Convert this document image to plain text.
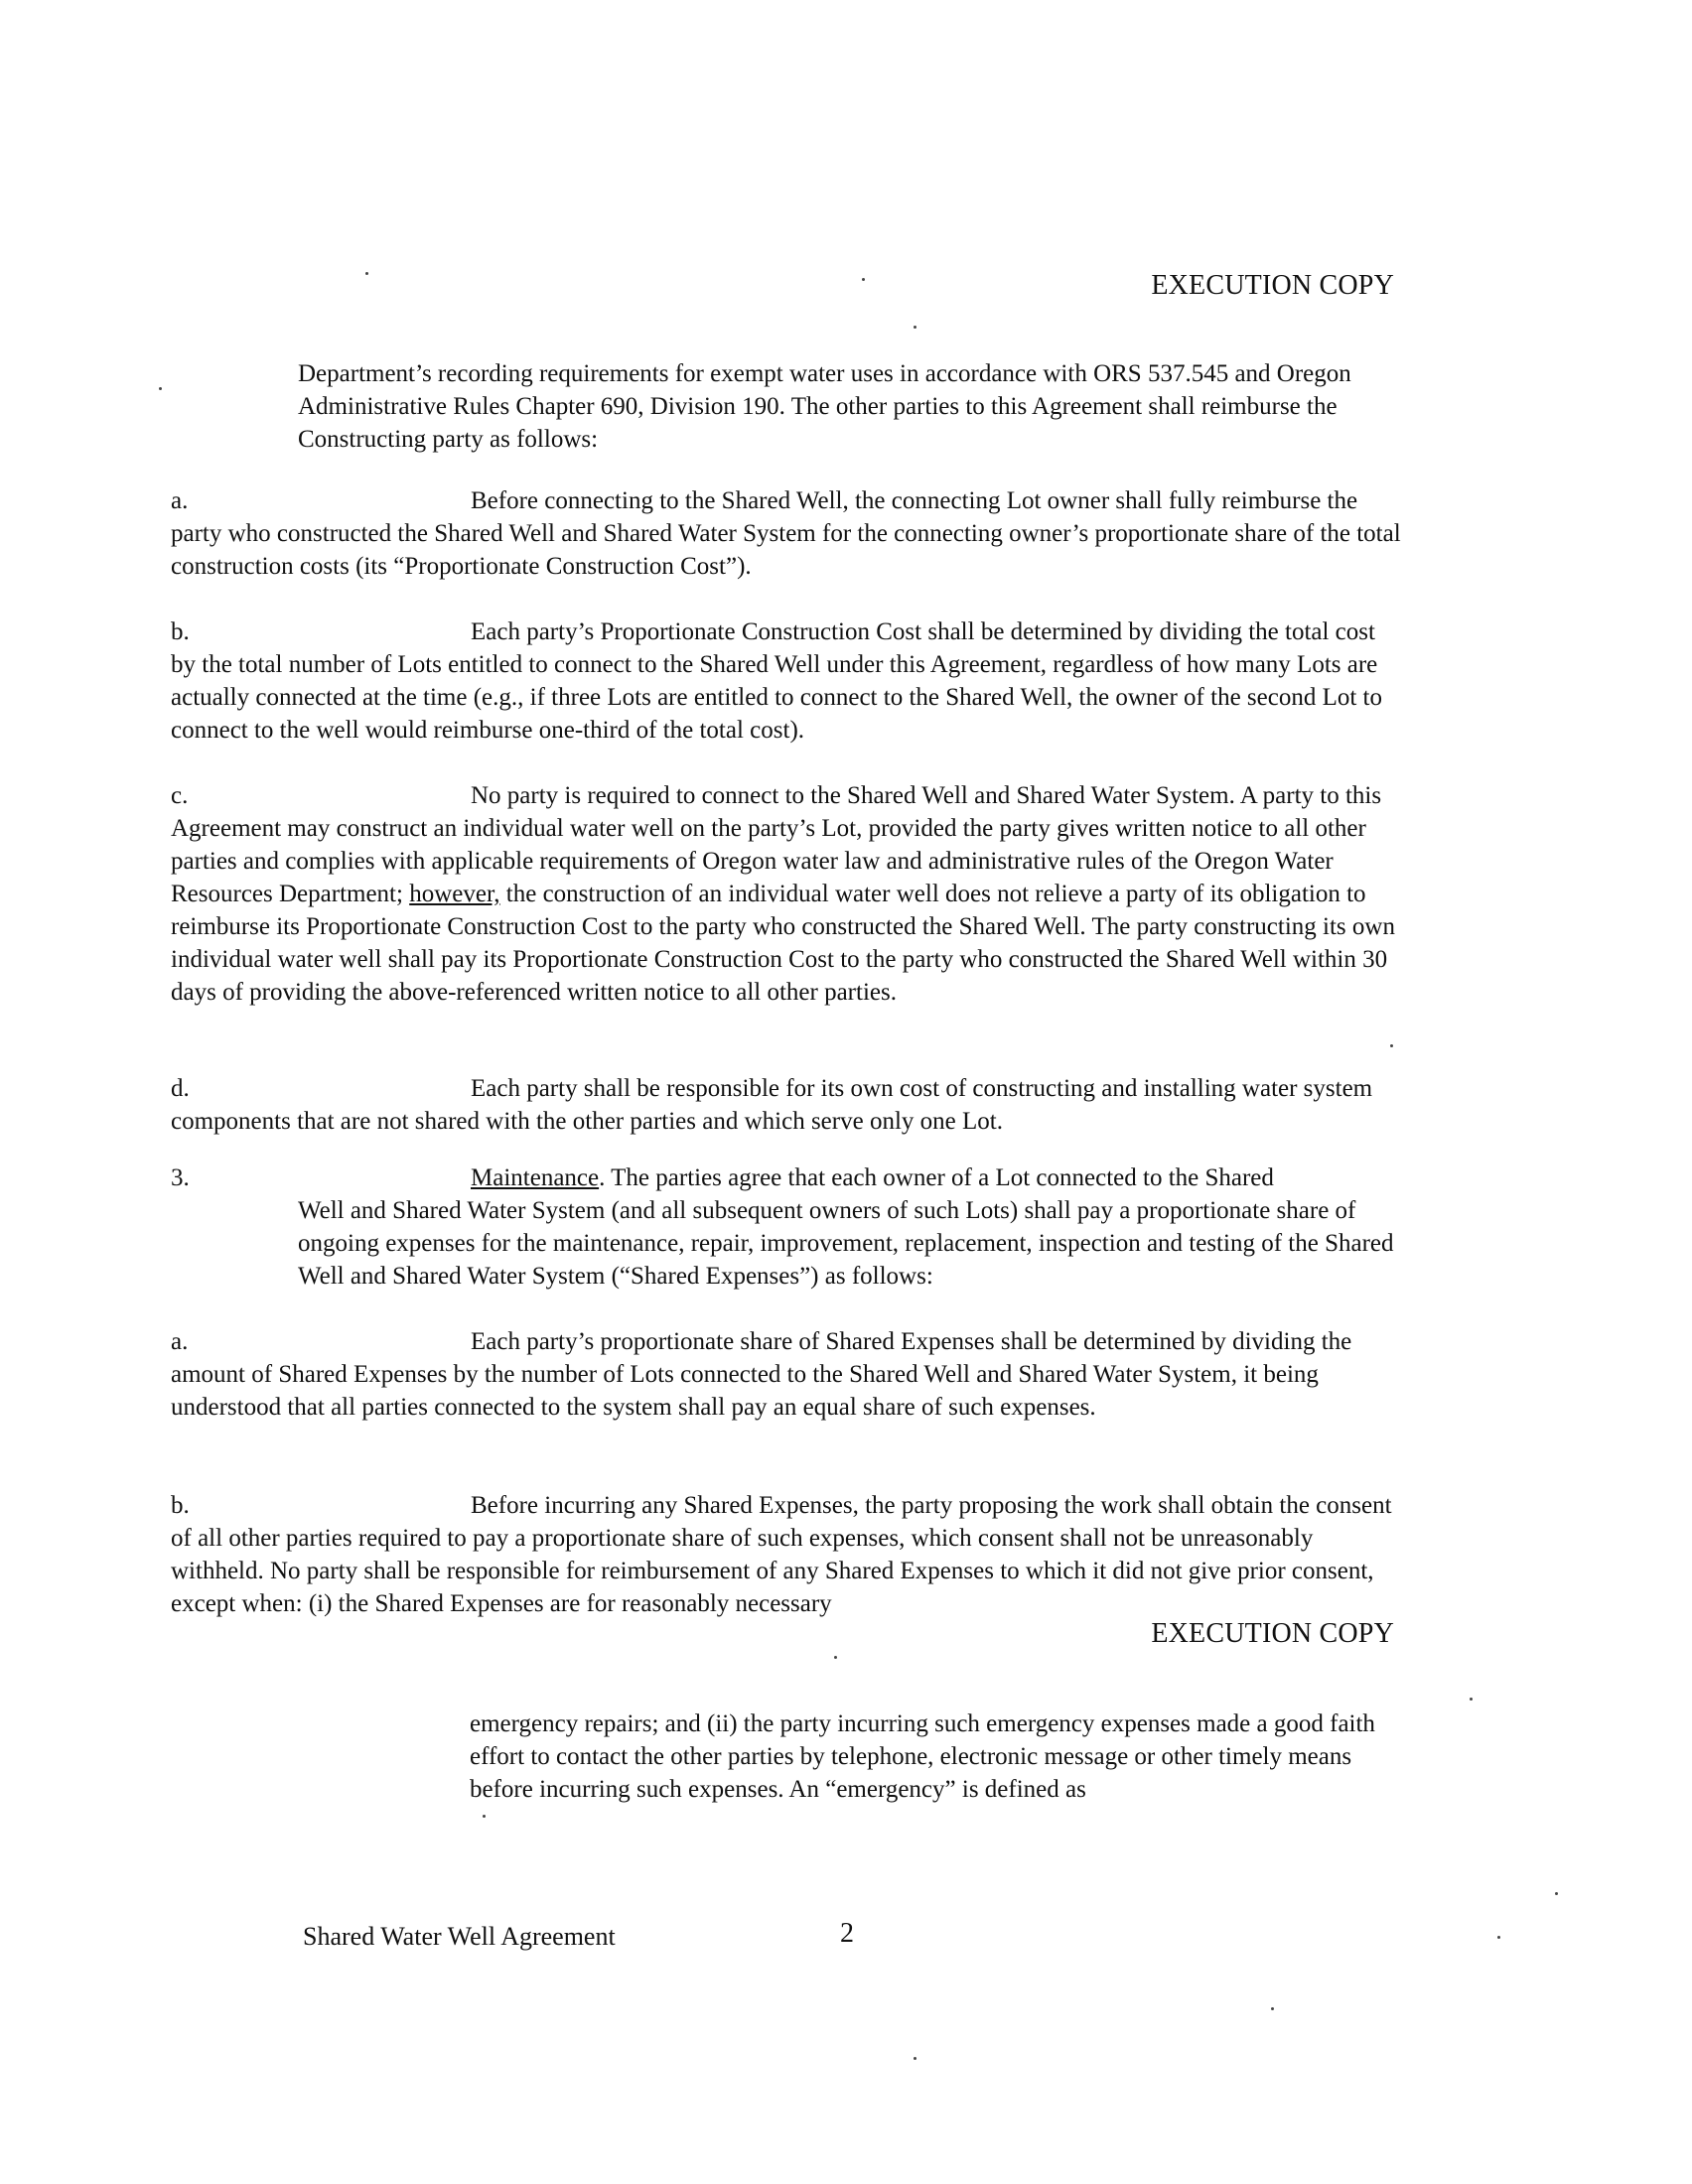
EXECUTION COPY
Department’s recording requirements for exempt water uses in accordance with ORS 537.545 and Oregon Administrative Rules Chapter 690, Division 190. The other parties to this Agreement shall reimburse the Constructing party as follows:
a.	Before connecting to the Shared Well, the connecting Lot owner shall fully reimburse the party who constructed the Shared Well and Shared Water System for the connecting owner’s proportionate share of the total construction costs (its “Proportionate Construction Cost”).
b.	Each party’s Proportionate Construction Cost shall be determined by dividing the total cost by the total number of Lots entitled to connect to the Shared Well under this Agreement, regardless of how many Lots are actually connected at the time (e.g., if three Lots are entitled to connect to the Shared Well, the owner of the second Lot to connect to the well would reimburse one-third of the total cost).
c.	No party is required to connect to the Shared Well and Shared Water System. A party to this Agreement may construct an individual water well on the party’s Lot, provided the party gives written notice to all other parties and complies with applicable requirements of Oregon water law and administrative rules of the Oregon Water Resources Department; however, the construction of an individual water well does not relieve a party of its obligation to reimburse its Proportionate Construction Cost to the party who constructed the Shared Well. The party constructing its own individual water well shall pay its Proportionate Construction Cost to the party who constructed the Shared Well within 30 days of providing the above-referenced written notice to all other parties.
d.	Each party shall be responsible for its own cost of constructing and installing water system components that are not shared with the other parties and which serve only one Lot.
3.	Maintenance. The parties agree that each owner of a Lot connected to the Shared
Well and Shared Water System (and all subsequent owners of such Lots) shall pay a proportionate share of ongoing expenses for the maintenance, repair, improvement, replacement, inspection and testing of the Shared Well and Shared Water System (“Shared Expenses”) as follows:
a.	Each party’s proportionate share of Shared Expenses shall be determined by dividing the amount of Shared Expenses by the number of Lots connected to the Shared Well and Shared Water System, it being understood that all parties connected to the system shall pay an equal share of such expenses.
b.	Before incurring any Shared Expenses, the party proposing the work shall obtain the consent of all other parties required to pay a proportionate share of such expenses, which consent shall not be unreasonably withheld. No party shall be responsible for reimbursement of any Shared Expenses to which it did not give prior consent, except when: (i) the Shared Expenses are for reasonably necessary
EXECUTION COPY
emergency repairs; and (ii) the party incurring such emergency expenses made a good faith effort to contact the other parties by telephone, electronic message or other timely means before incurring such expenses. An “emergency” is defined as
Shared Water Well Agreement	2
